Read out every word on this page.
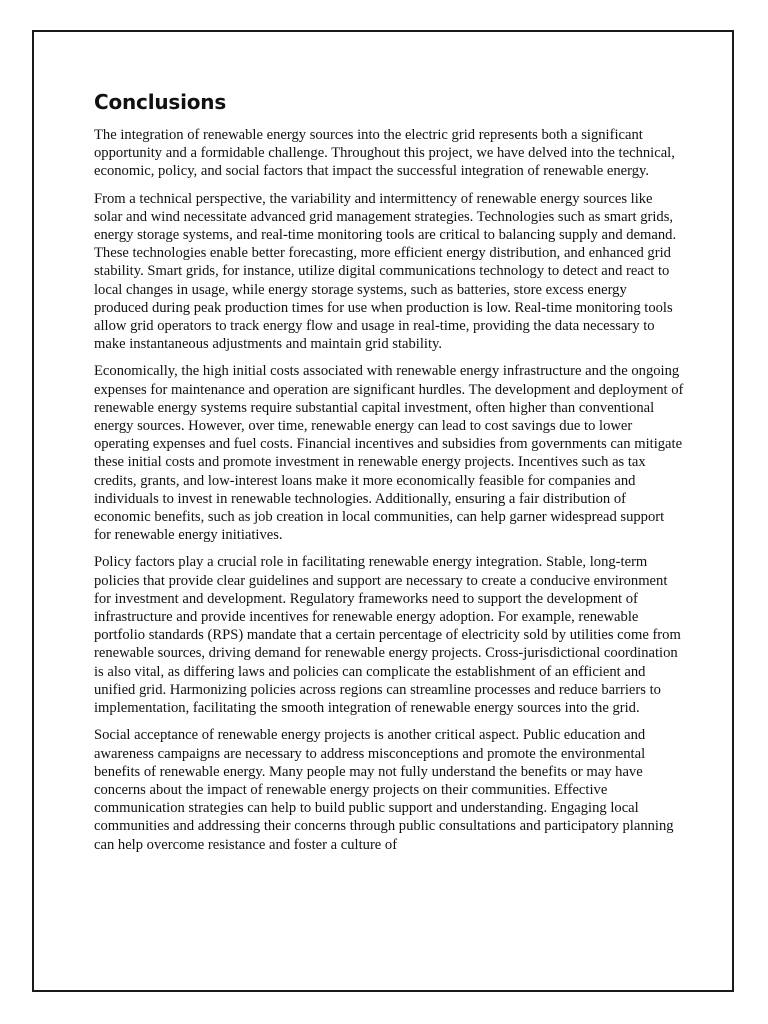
Conclusions

The integration of renewable energy sources into the electric grid represents both a significant opportunity and a formidable challenge. Throughout this project, we have delved into the technical, economic, policy, and social factors that impact the successful integration of renewable energy.

From a technical perspective, the variability and intermittency of renewable energy sources like solar and wind necessitate advanced grid management strategies. Technologies such as smart grids, energy storage systems, and real-time monitoring tools are critical to balancing supply and demand. These technologies enable better forecasting, more efficient energy distribution, and enhanced grid stability. Smart grids, for instance, utilize digital communications technology to detect and react to local changes in usage, while energy storage systems, such as batteries, store excess energy produced during peak production times for use when production is low. Real-time monitoring tools allow grid operators to track energy flow and usage in real-time, providing the data necessary to make instantaneous adjustments and maintain grid stability.

Economically, the high initial costs associated with renewable energy infrastructure and the ongoing expenses for maintenance and operation are significant hurdles. The development and deployment of renewable energy systems require substantial capital investment, often higher than conventional energy sources. However, over time, renewable energy can lead to cost savings due to lower operating expenses and fuel costs. Financial incentives and subsidies from governments can mitigate these initial costs and promote investment in renewable energy projects. Incentives such as tax credits, grants, and low-interest loans make it more economically feasible for companies and individuals to invest in renewable technologies. Additionally, ensuring a fair distribution of economic benefits, such as job creation in local communities, can help garner widespread support for renewable energy initiatives.

Policy factors play a crucial role in facilitating renewable energy integration. Stable, long-term policies that provide clear guidelines and support are necessary to create a conducive environment for investment and development. Regulatory frameworks need to support the development of infrastructure and provide incentives for renewable energy adoption. For example, renewable portfolio standards (RPS) mandate that a certain percentage of electricity sold by utilities come from renewable sources, driving demand for renewable energy projects. Cross-jurisdictional coordination is also vital, as differing laws and policies can complicate the establishment of an efficient and unified grid. Harmonizing policies across regions can streamline processes and reduce barriers to implementation, facilitating the smooth integration of renewable energy sources into the grid.

Social acceptance of renewable energy projects is another critical aspect. Public education and awareness campaigns are necessary to address misconceptions and promote the environmental benefits of renewable energy. Many people may not fully understand the benefits or may have concerns about the impact of renewable energy projects on their communities. Effective communication strategies can help to build public support and understanding. Engaging local communities and addressing their concerns through public consultations and participatory planning can help overcome resistance and foster a culture of
